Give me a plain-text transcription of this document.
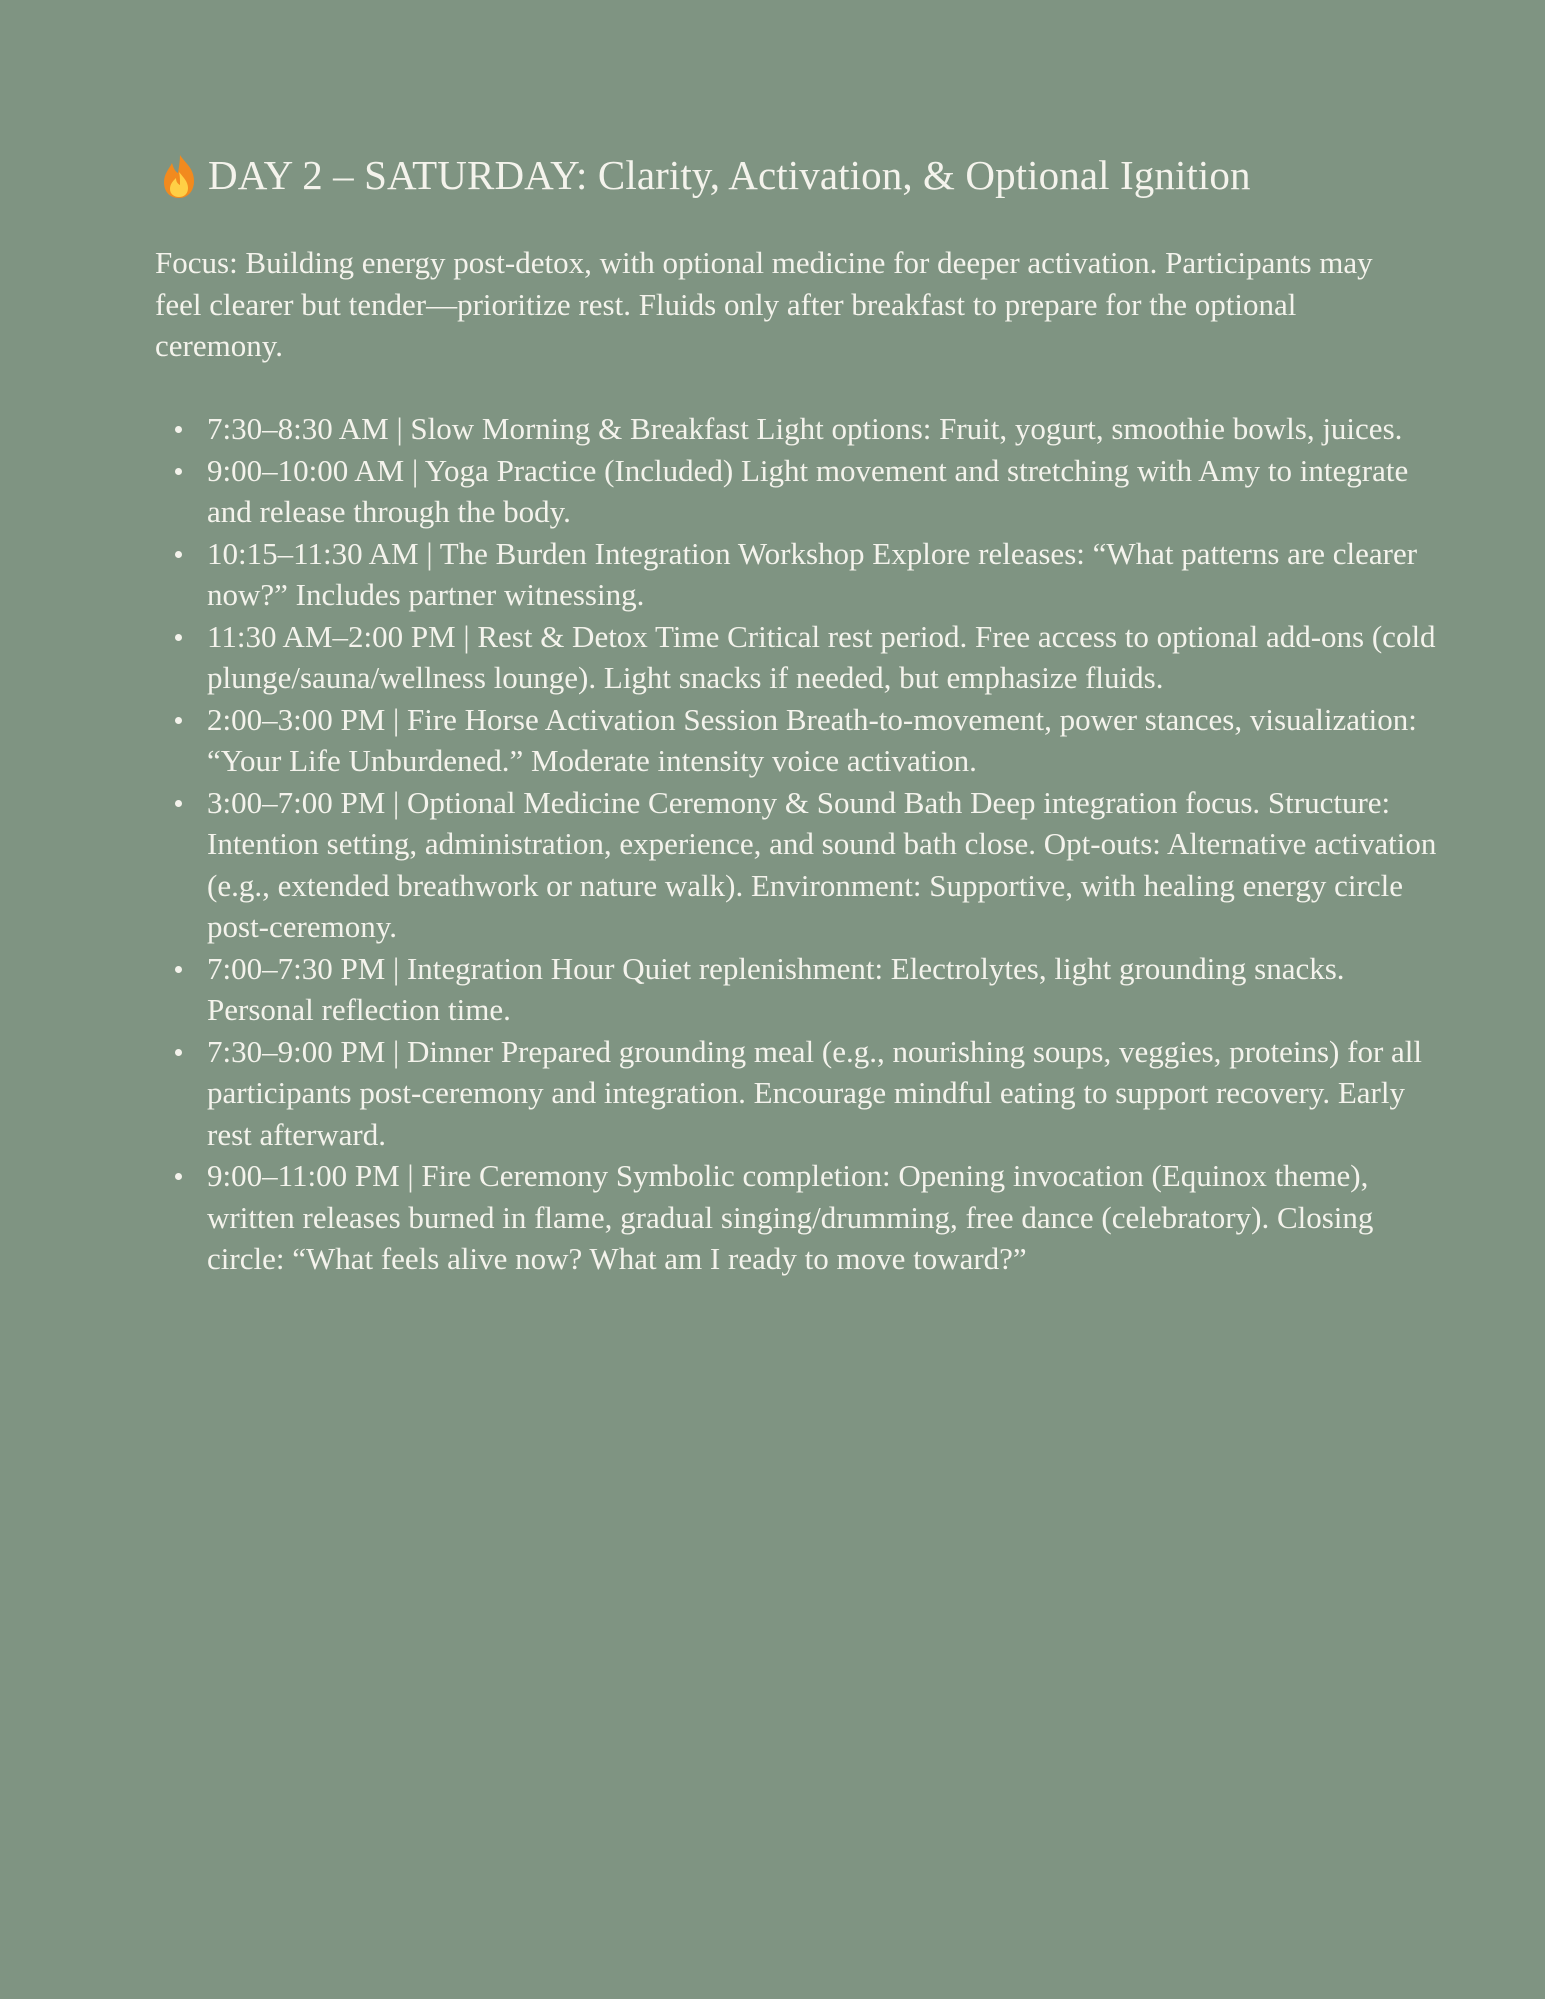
DAY 2 – SATURDAY: Clarity, Activation, & Optional Ignition

Focus: Building energy post-detox, with optional medicine for deeper activation. Participants may feel clearer but tender—prioritize rest. Fluids only after breakfast to prepare for the optional ceremony.

7:30–8:30 AM | Slow Morning & Breakfast Light options: Fruit, yogurt, smoothie bowls, juices.
9:00–10:00 AM | Yoga Practice (Included) Light movement and stretching with Amy to integrate and release through the body.
10:15–11:30 AM | The Burden Integration Workshop Explore releases: “What patterns are clearer now?” Includes partner witnessing.
11:30 AM–2:00 PM | Rest & Detox Time Critical rest period. Free access to optional add-ons (cold plunge/sauna/wellness lounge). Light snacks if needed, but emphasize fluids.
2:00–3:00 PM | Fire Horse Activation Session Breath-to-movement, power stances, visualization: “Your Life Unburdened.” Moderate intensity voice activation.
3:00–7:00 PM | Optional Medicine Ceremony & Sound Bath Deep integration focus. Structure: Intention setting, administration, experience, and sound bath close. Opt-outs: Alternative activation (e.g., extended breathwork or nature walk). Environment: Supportive, with healing energy circle post-ceremony.
7:00–7:30 PM | Integration Hour Quiet replenishment: Electrolytes, light grounding snacks. Personal reflection time.
7:30–9:00 PM | Dinner Prepared grounding meal (e.g., nourishing soups, veggies, proteins) for all participants post-ceremony and integration. Encourage mindful eating to support recovery. Early rest afterward.
9:00–11:00 PM | Fire Ceremony Symbolic completion: Opening invocation (Equinox theme), written releases burned in flame, gradual singing/drumming, free dance (celebratory). Closing circle: “What feels alive now? What am I ready to move toward?”
